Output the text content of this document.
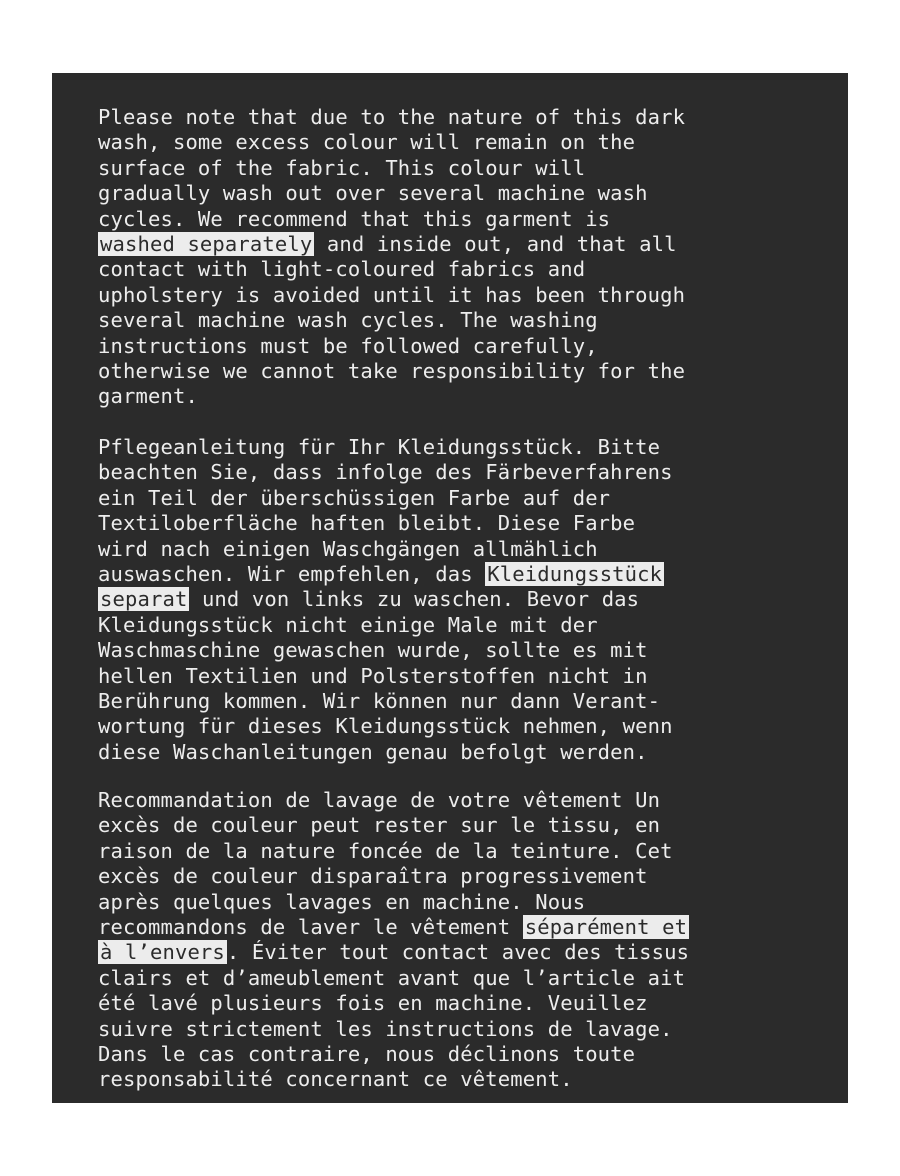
Please note that due to the nature of this dark
wash, some excess colour will remain on the
surface of the fabric. This colour will
gradually wash out over several machine wash
cycles. We recommend that this garment is
washed separately and inside out, and that all
contact with light-coloured fabrics and
upholstery is avoided until it has been through
several machine wash cycles. The washing
instructions must be followed carefully,
otherwise we cannot take responsibility for the
garment.
Pflegeanleitung für Ihr Kleidungsstück. Bitte
beachten Sie, dass infolge des Färbeverfahrens
ein Teil der überschüssigen Farbe auf der
Textiloberfläche haften bleibt. Diese Farbe
wird nach einigen Waschgängen allmählich
auswaschen. Wir empfehlen, das Kleidungsstück
separat und von links zu waschen. Bevor das
Kleidungsstück nicht einige Male mit der
Waschmaschine gewaschen wurde, sollte es mit
hellen Textilien und Polsterstoffen nicht in
Berührung kommen. Wir können nur dann Verant-
wortung für dieses Kleidungsstück nehmen, wenn
diese Waschanleitungen genau befolgt werden.
Recommandation de lavage de votre vêtement Un
excès de couleur peut rester sur le tissu, en
raison de la nature foncée de la teinture. Cet
excès de couleur disparaîtra progressivement
après quelques lavages en machine. Nous
recommandons de laver le vêtement séparément et
à l’envers. Éviter tout contact avec des tissus
clairs et d’ameublement avant que l’article ait
été lavé plusieurs fois en machine. Veuillez
suivre strictement les instructions de lavage.
Dans le cas contraire, nous déclinons toute
responsabilité concernant ce vêtement.
